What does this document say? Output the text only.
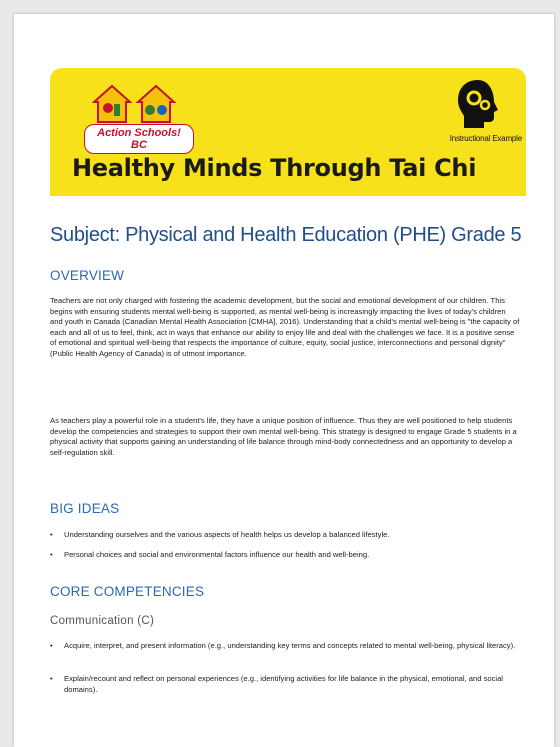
Action Schools! BC
Instructional Example
Healthy Minds Through Tai Chi
Subject: Physical and Health Education (PHE) Grade 5
OVERVIEW
Teachers are not only charged with fostering the academic development, but the social and emotional development of our children. This begins with ensuring students mental well-being is supported, as mental well-being is increasingly impacting the lives of today's children and youth in Canada (Canadian Mental Health Association [CMHA], 2016). Understanding that a child's mental well-being is "the capacity of each and all of us to feel, think, act in ways that enhance our ability to enjoy life and deal with the challenges we face. It is a positive sense of emotional and spiritual well-being that respects the importance of culture, equity, social justice, interconnections and personal dignity" (Public Health Agency of Canada) is of utmost importance.
As teachers play a powerful role in a student's life, they have a unique position of influence. Thus they are well positioned to help students develop the competencies and strategies to support their own mental well-being. This strategy is designed to engage Grade 5 students in a physical activity that supports gaining an understanding of life balance through mind-body connectedness and an opportunity to develop a self-regulation skill.
BIG IDEAS
•	Understanding ourselves and the various aspects of health helps us develop a balanced lifestyle.
•	Personal choices and social and environmental factors influence our health and well-being.
CORE COMPETENCIES
Communication (C)
•	Acquire, interpret, and present information (e.g., understanding key terms and concepts related to mental well-being, physical literacy).
•	Explain/recount and reflect on personal experiences (e.g., identifying activities for life balance in the physical, emotional, and social domains).
